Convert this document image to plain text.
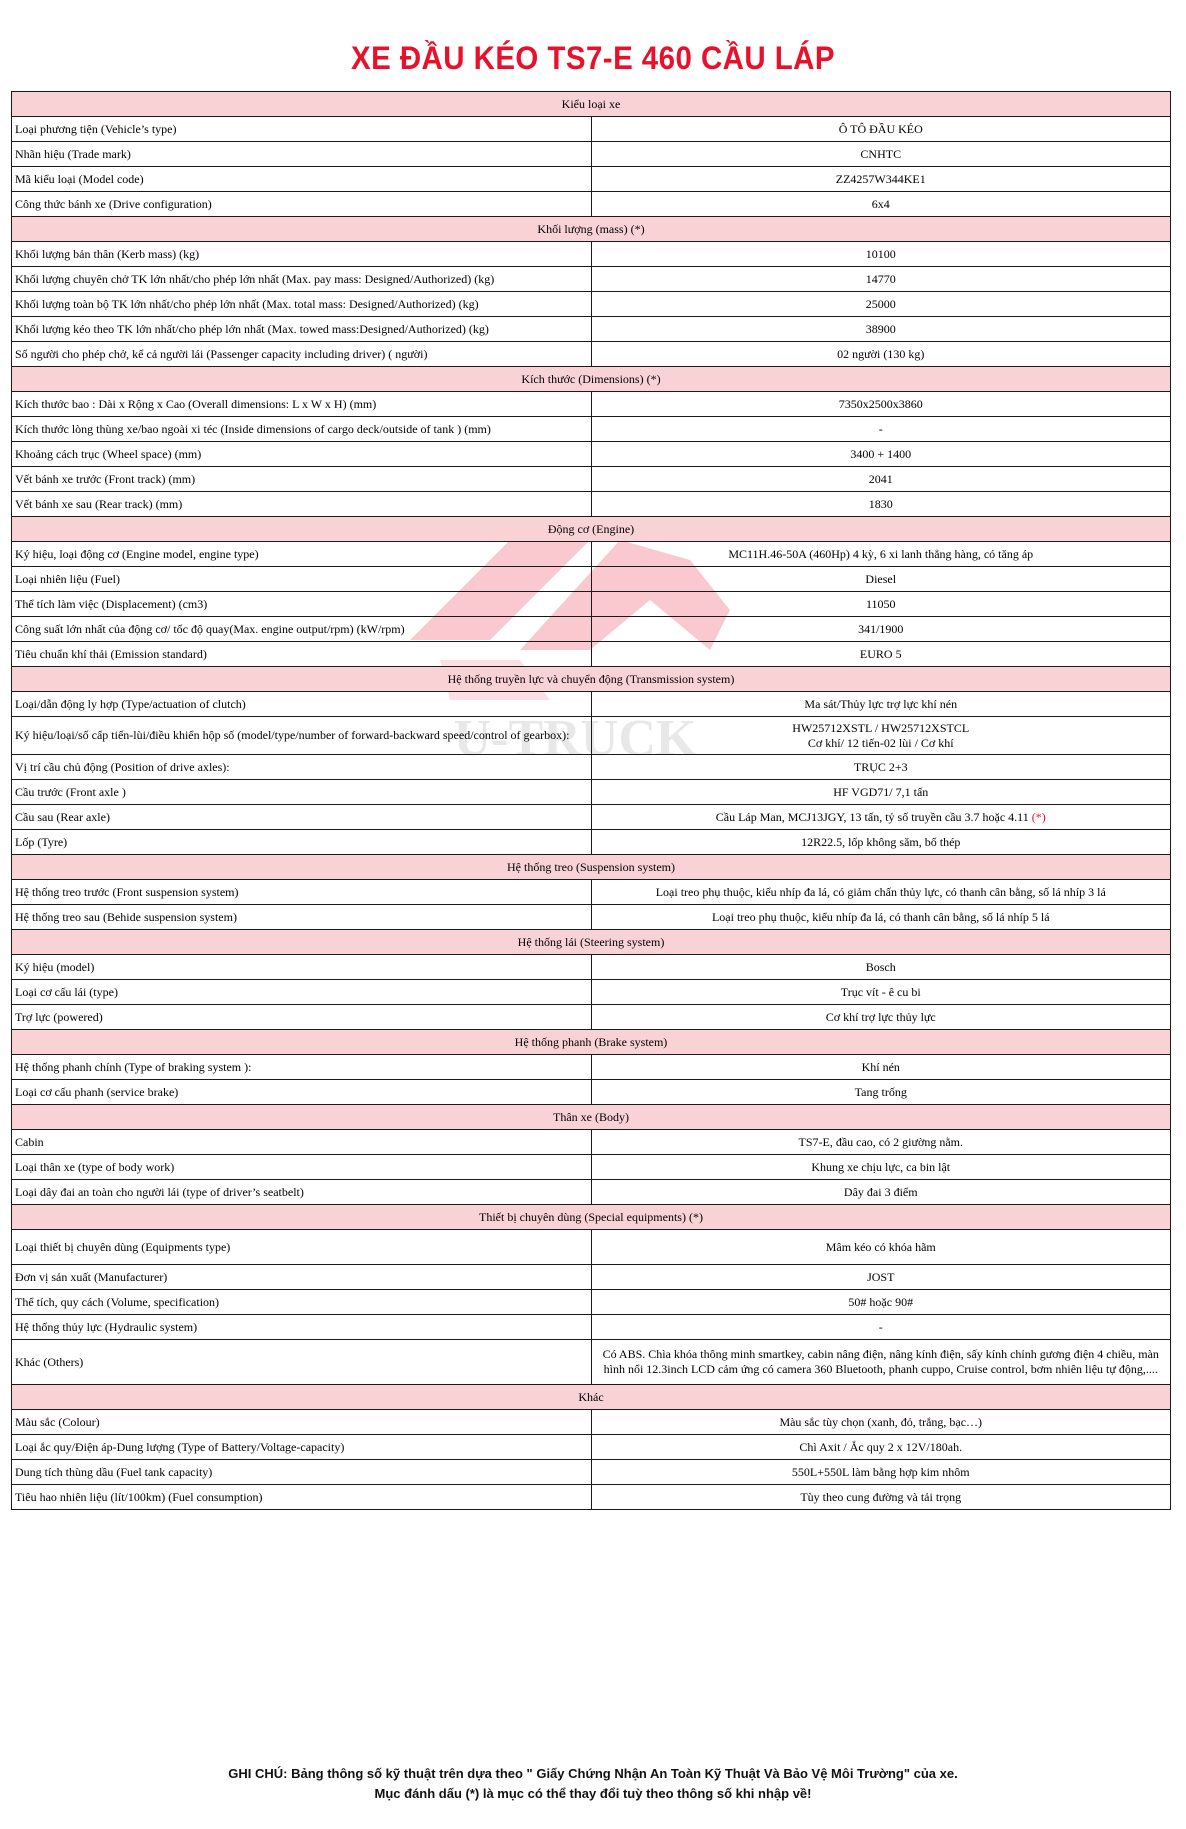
XE ĐẦU KÉO TS7-E 460 CẦU LÁP
U-TRUCK
Kiểu loại xe	
Loại phương tiện (Vehicle’s type)	Ô TÔ ĐẦU KÉO
Nhãn hiệu (Trade mark)	CNHTC
Mã kiểu loại (Model code)	ZZ4257W344KE1
Công thức bánh xe (Drive configuration)	6x4
Khối lượng (mass) (*)	
Khối lượng bản thân (Kerb mass) (kg)	10100
Khối lượng chuyên chở TK lớn nhất/cho phép lớn nhất (Max. pay mass: Designed/Authorized) (kg)	14770
Khối lượng toàn bộ TK lớn nhất/cho phép lớn nhất (Max. total mass: Designed/Authorized) (kg)	25000
Khối lượng kéo theo TK lớn nhất/cho phép lớn nhất (Max. towed mass:Designed/Authorized) (kg)	38900
Số người cho phép chở, kể cả người lái (Passenger capacity including driver) ( người)	02 người (130 kg)
Kích thước (Dimensions) (*)	
Kích thước bao : Dài x Rộng x Cao (Overall dimensions: L x W x H) (mm)	7350x2500x3860
Kích thước lòng thùng xe/bao ngoài xi téc (Inside dimensions of cargo deck/outside of tank ) (mm)	-
Khoảng cách trục (Wheel space) (mm)	3400 + 1400
Vết bánh xe trước (Front track) (mm)	2041
Vết bánh xe sau (Rear track) (mm)	1830
Động cơ (Engine)	
Ký hiệu, loại động cơ (Engine model, engine type)	MC11H.46-50A (460Hp) 4 kỳ, 6 xi lanh thẳng hàng, có tăng áp
Loại nhiên liệu (Fuel)	Diesel
Thể tích làm việc (Displacement) (cm3)	11050
Công suất lớn nhất của động cơ/ tốc độ quay(Max. engine output/rpm) (kW/rpm)	341/1900
Tiêu chuẩn khí thải (Emission standard)	EURO 5
Hệ thống truyền lực và chuyển động (Transmission system)	
Loại/dẫn động ly hợp (Type/actuation of clutch)	Ma sát/Thủy lực trợ lực khí nén
Ký hiệu/loại/số cấp tiến-lùi/điều khiển hộp số (model/type/number of forward-backward speed/control of gearbox):	HW25712XSTL / HW25712XSTCL
Cơ khí/ 12 tiến-02 lùi / Cơ khí
Vị trí cầu chủ động (Position of drive axles):	TRỤC 2+3
Cầu trước (Front axle )	HF VGD71/ 7,1 tấn
Cầu sau (Rear axle)	Cầu Láp Man, MCJ13JGY, 13 tấn, tỷ số truyền cầu 3.7 hoặc 4.11 (*)
Lốp (Tyre)	12R22.5, lốp không săm, bố thép
Hệ thống treo (Suspension system)	
Hệ thống treo trước (Front suspension system)	Loại treo phụ thuộc, kiểu nhíp đa lá, có giảm chấn thủy lực, có thanh cân bằng, số lá nhíp 3 lá
Hệ thống treo sau (Behide suspension system)	Loại treo phụ thuộc, kiểu nhíp đa lá, có thanh cân bằng, số lá nhíp 5 lá
Hệ thống lái (Steering system)	
Ký hiệu (model)	Bosch
Loại cơ cấu lái (type)	Trục vít - ê cu bi
Trợ lực (powered)	Cơ khí trợ lực thủy lực
Hệ thống phanh (Brake system)	
Hệ thống phanh chính (Type of braking system ):	Khí nén
Loại cơ cấu phanh (service brake)	Tang trống
Thân xe (Body)	
Cabin	TS7-E, đầu cao, có 2 giường nằm.
Loại thân xe (type of body work)	Khung xe chịu lực, ca bin lật
Loại dây đai an toàn cho người lái (type of driver’s seatbelt)	Dây đai 3 điểm
Thiết bị chuyên dùng (Special equipments) (*)	
Loại thiết bị chuyên dùng (Equipments type)	Mâm kéo có khóa hãm
Đơn vị sản xuất (Manufacturer)	JOST
Thể tích, quy cách (Volume, specification)	50# hoặc 90#
Hệ thống thủy lực (Hydraulic system)	-
Khác (Others)	Có ABS. Chìa khóa thông minh smartkey, cabin nâng điện, nâng kính điện, sấy kính chỉnh gương điện 4 chiều, màn hình nổi 12.3inch LCD cảm ứng có camera 360 Bluetooth, phanh cuppo, Cruise control, bơm nhiên liệu tự động,....
Khác	
Màu sắc (Colour)	Màu sắc tùy chọn (xanh, đỏ, trắng, bạc…)
Loại ắc quy/Điện áp-Dung lượng (Type of Battery/Voltage-capacity)	Chì Axit / Ắc quy 2 x 12V/180ah.
Dung tích thùng dầu (Fuel tank capacity)	550L+550L làm bằng hợp kim nhôm
Tiêu hao nhiên liệu (lít/100km) (Fuel consumption)	Tùy theo cung đường và tải trọng
GHI CHÚ: Bảng thông số kỹ thuật trên dựa theo " Giấy Chứng Nhận An Toàn Kỹ Thuật Và Bảo Vệ Môi Trường" của xe.
Mục đánh dấu (*) là mục có thể thay đổi tuỳ theo thông số khi nhập về!
